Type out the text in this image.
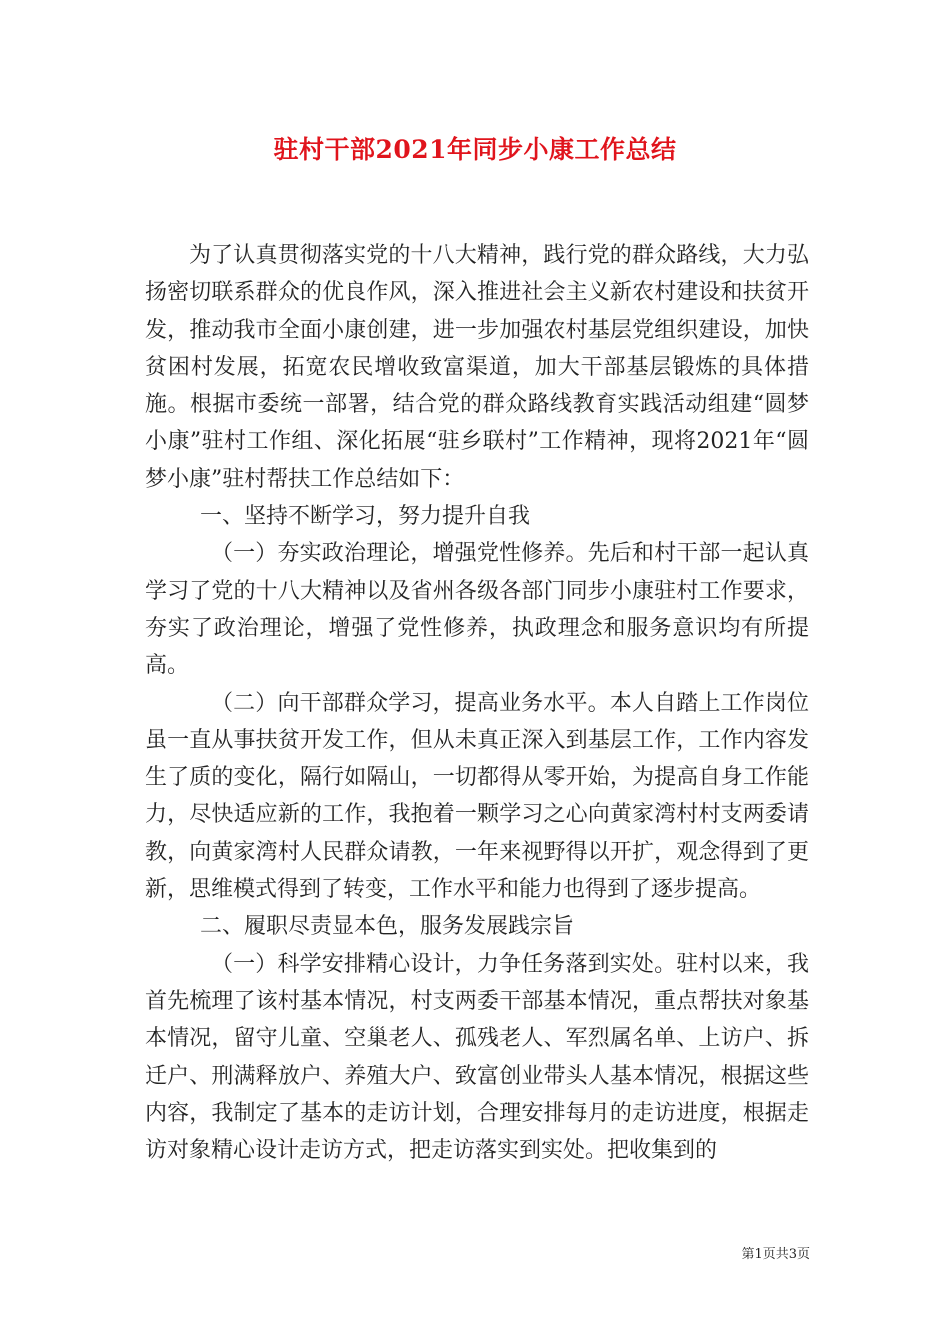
驻村干部2021年同步小康工作总结

为了认真贯彻落实党的十八大精神，践行党的群众路线，大力弘扬密切联系群众的优良作风，深入推进社会主义新农村建设和扶贫开发，推动我市全面小康创建，进一步加强农村基层党组织建设，加快贫困村发展，拓宽农民增收致富渠道，加大干部基层锻炼的具体措施。根据市委统一部署，结合党的群众路线教育实践活动组建“圆梦小康”驻村工作组、深化拓展“驻乡联村”工作精神，现将2021年“圆梦小康”驻村帮扶工作总结如下：

一、坚持不断学习，努力提升自我

（一）夯实政治理论，增强党性修养。先后和村干部一起认真学习了党的十八大精神以及省州各级各部门同步小康驻村工作要求，夯实了政治理论，增强了党性修养，执政理念和服务意识均有所提高。

（二）向干部群众学习，提高业务水平。本人自踏上工作岗位虽一直从事扶贫开发工作，但从未真正深入到基层工作，工作内容发生了质的变化，隔行如隔山，一切都得从零开始，为提高自身工作能力，尽快适应新的工作，我抱着一颗学习之心向黄家湾村村支两委请教，向黄家湾村人民群众请教，一年来视野得以开扩，观念得到了更新，思维模式得到了转变，工作水平和能力也得到了逐步提高。

二、履职尽责显本色，服务发展践宗旨

（一）科学安排精心设计，力争任务落到实处。驻村以来，我首先梳理了该村基本情况，村支两委干部基本情况，重点帮扶对象基本情况，留守儿童、空巢老人、孤残老人、军烈属名单、上访户、拆迁户、刑满释放户、养殖大户、致富创业带头人基本情况，根据这些内容，我制定了基本的走访计划，合理安排每月的走访进度，根据走访对象精心设计走访方式，把走访落实到实处。把收集到的

第1页共3页
